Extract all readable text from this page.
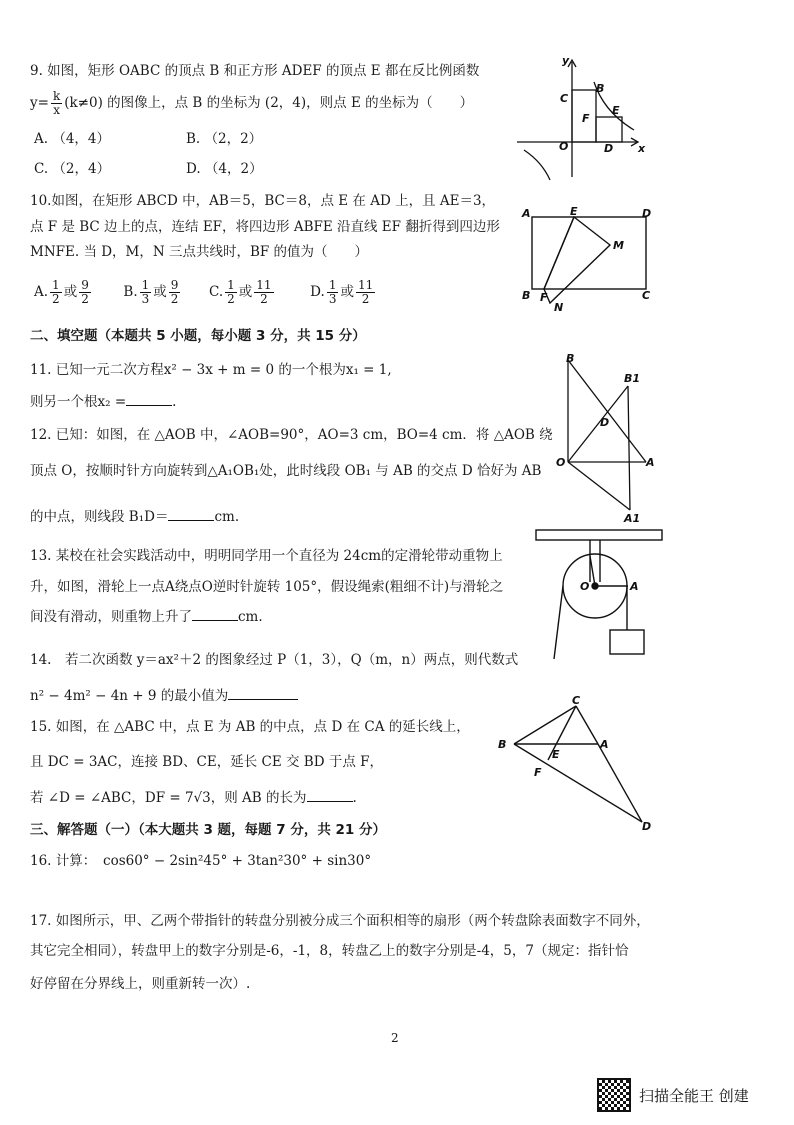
9. 如图，矩形 OABC 的顶点 B 和正方形 ADEF 的顶点 E 都在反比例函数
$y= \frac{k}{x} (k\ne 0)$ 的图像上，点 B 的坐标为 (2，4)，则点 E 的坐标为（　　）
A. （4，4）	B. （2，2）
C. （2，4）	D. （4，2）
y
x
O
C
B
F
E
D
10.如图，在矩形 ABCD 中，AB＝5，BC＝8，点 E 在 AD 上，且 AE＝3，
点 F 是 BC 边上的点，连结 EF，将四边形 ABFE 沿直线 EF 翻折得到四边形
MNFE. 当 D，M，N 三点共线时，BF 的值为（　　）
A. $\frac{1}{2}$ 或 $\frac{9}{2} B$. $\frac{1}{3}$ 或 $\frac{9}{2} C$. $\frac{1}{2}$ 或 $\frac{11}{2}$	D. $\frac{1}{3}$ 或 $\frac{11}{2}$
A	E	D
M
B F
N
C
二、填空题（本题共 5 小题，每小题 3 分，共 15 分）
11. 已知一元二次方程x² − 3x + m = 0 的一个根为x₁ = 1,
则另一个根x₂ =	.
12. 已知：如图，在 △AOB 中，∠AOB=90°，AO=3 cm，BO=4 cm．将 △AOB 绕
顶点 O，按顺时针方向旋转到△A₁OB₁处，此时线段 OB₁ 与 AB 的交点 D 恰好为 AB
的中点，则线段 B₁D＝	cm.
B
B1
D
O	A
A1
13. 某校在社会实践活动中，明明同学用一个直径为 24cm的定滑轮带动重物上
升，如图，滑轮上一点A绕点O逆时针旋转 105°，假设绳索(粗细不计)与滑轮之
间没有滑动，则重物上升了	cm.
O	A
14.　若二次函数 y＝ax²＋2 的图象经过 P（1，3），Q（m，n）两点，则代数式
n² − 4m² − 4n + 9 的最小值为
15. 如图，在 △ABC 中，点 E 为 AB 的中点，点 D 在 CA 的延长线上，
且 DC = 3AC，连接 BD、CE，延长 CE 交 BD 于点 F，
若 ∠D = ∠ABC，DF = 7√3，则 AB 的长为	.
C
B
E
A
F
D
三、解答题（一）（本大题共 3 题，每题 7 分，共 21 分）
16. 计算：　cos60° − 2sin²45° + 3tan²30° + sin30°
17. 如图所示，甲、乙两个带指针的转盘分别被分成三个面积相等的扇形（两个转盘除表面数字不同外，
其它完全相同），转盘甲上的数字分别是-6，-1，8，转盘乙上的数字分别是-4，5，7（规定：指针恰
好停留在分界线上，则重新转一次）.
2
扫描全能王 创建
